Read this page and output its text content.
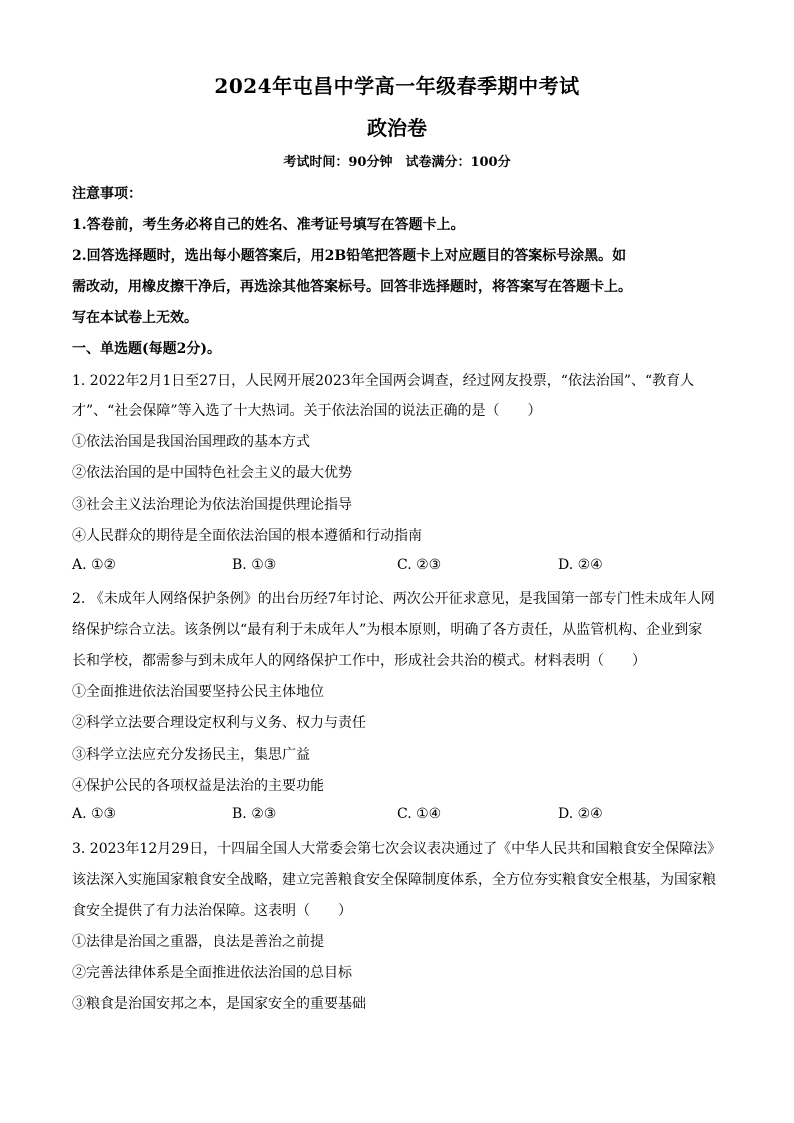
2024年屯昌中学高一年级春季期中考试
政治卷
考试时间：90分钟　试卷满分：100分
注意事项：
1.答卷前，考生务必将自己的姓名、准考证号填写在答题卡上。
2.回答选择题时，选出每小题答案后，用2B铅笔把答题卡上对应题目的答案标号涂黑。如
需改动，用橡皮擦干净后，再选涂其他答案标号。回答非选择题时，将答案写在答题卡上。
写在本试卷上无效。
一、单选题(每题2分)。
1. 2022年2月1日至27日，人民网开展2023年全国两会调查，经过网友投票，“依法治国”、“教育人
才”、“社会保障”等入选了十大热词。关于依法治国的说法正确的是（　　）
①依法治国是我国治国理政的基本方式
②依法治国的是中国特色社会主义的最大优势
③社会主义法治理论为依法治国提供理论指导
④人民群众的期待是全面依法治国的根本遵循和行动指南
A. ①②	B. ①③	C. ②③	D. ②④
2. 《未成年人网络保护条例》的出台历经7年讨论、两次公开征求意见，是我国第一部专门性未成年人网
络保护综合立法。该条例以“最有利于未成年人”为根本原则，明确了各方责任，从监管机构、企业到家
长和学校，都需参与到未成年人的网络保护工作中，形成社会共治的模式。材料表明（　　）
①全面推进依法治国要坚持公民主体地位
②科学立法要合理设定权利与义务、权力与责任
③科学立法应充分发扬民主，集思广益
④保护公民的各项权益是法治的主要功能
A. ①③	B. ②③	C. ①④	D. ②④
3. 2023年12月29日，十四届全国人大常委会第七次会议表决通过了《中华人民共和国粮食安全保障法》
该法深入实施国家粮食安全战略，建立完善粮食安全保障制度体系，全方位夯实粮食安全根基，为国家粮
食安全提供了有力法治保障。这表明（　　）
①法律是治国之重器，良法是善治之前提
②完善法律体系是全面推进依法治国的总目标
③粮食是治国安邦之本，是国家安全的重要基础
